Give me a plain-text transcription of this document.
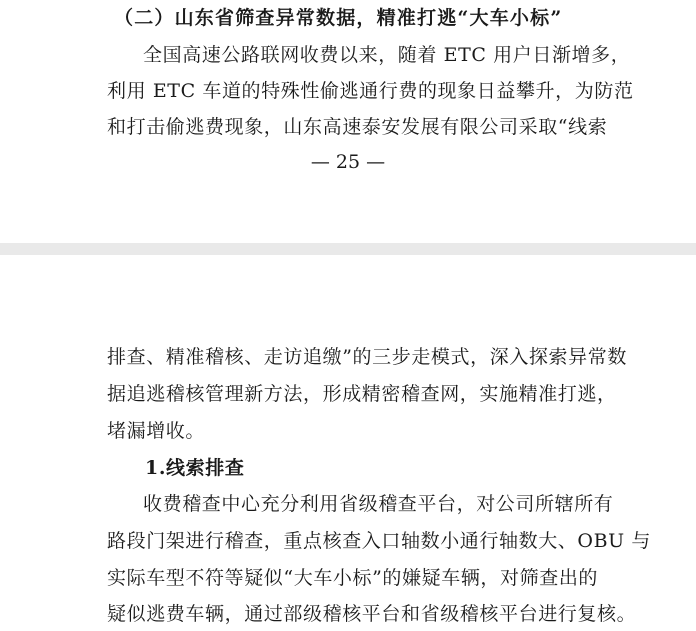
（二）山东省筛查异常数据，精准打逃“大车小标”
全国高速公路联网收费以来，随着 ETC 用户日渐增多，
利用 ETC 车道的特殊性偷逃通行费的现象日益攀升，为防范
和打击偷逃费现象，山东高速泰安发展有限公司采取“线索
— 25 —
排查、精准稽核、走访追缴”的三步走模式，深入探索异常数
据追逃稽核管理新方法，形成精密稽查网，实施精准打逃，
堵漏增收。
1.线索排查
收费稽查中心充分利用省级稽查平台，对公司所辖所有
路段门架进行稽查，重点核查入口轴数小通行轴数大、OBU 与
实际车型不符等疑似“大车小标”的嫌疑车辆，对筛查出的
疑似逃费车辆，通过部级稽核平台和省级稽核平台进行复核。
